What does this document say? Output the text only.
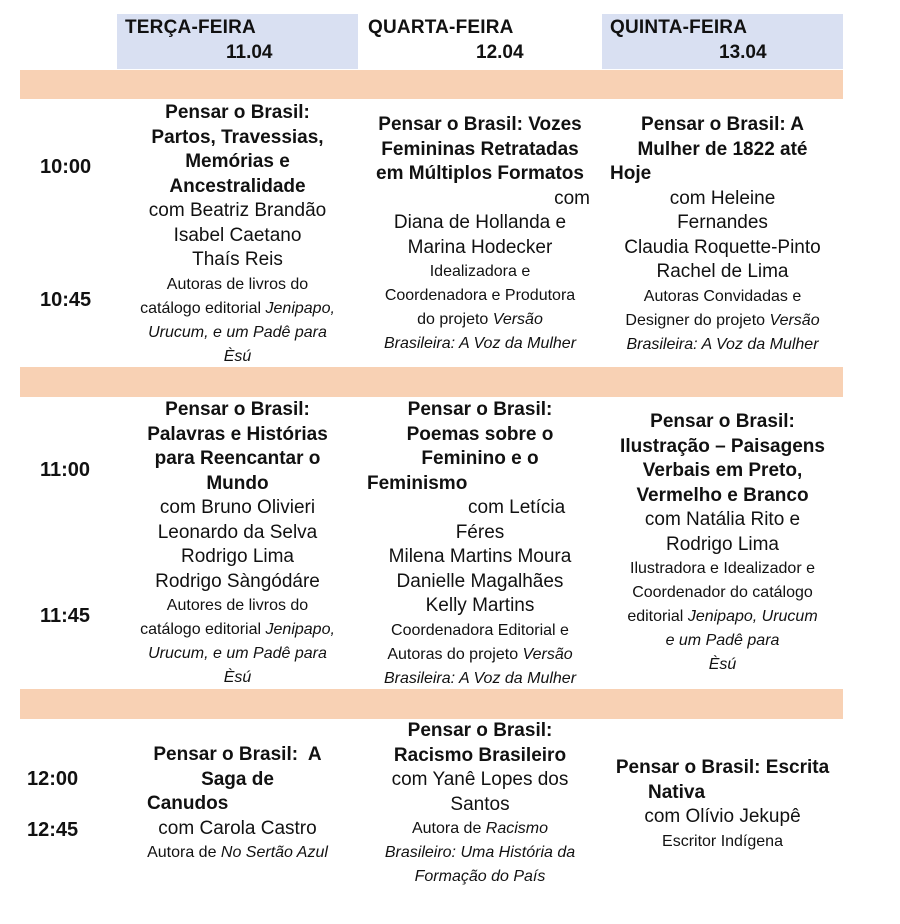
TERÇA-FEIRA
11.04
QUARTA-FEIRA
12.04
QUINTA-FEIRA
13.04
10:00
10:45
11:00
11:45
12:00
12:45
Pensar o Brasil:
Partos, Travessias,
Memórias e
Ancestralidade
com Beatriz Brandão
Isabel Caetano
Thaís Reis
Autoras de livros do
catálogo editorial Jenipapo,
Urucum, e um Padê para
Èsú
Pensar o Brasil: Vozes
Femininas Retratadas
em Múltiplos Formatos
com
Diana de Hollanda e
Marina Hodecker
Idealizadora e
Coordenadora e Produtora
do projeto Versão
Brasileira: A Voz da Mulher
Pensar o Brasil: A
Mulher de 1822 até
Hoje
com Heleine
Fernandes
Claudia Roquette-Pinto
Rachel de Lima
Autoras Convidadas e
Designer do projeto Versão
Brasileira: A Voz da Mulher
Pensar o Brasil:
Palavras e Histórias
para Reencantar o
Mundo
com Bruno Olivieri
Leonardo da Selva
Rodrigo Lima
Rodrigo Sàngódáre
Autores de livros do
catálogo editorial Jenipapo,
Urucum, e um Padê para
Èsú
Pensar o Brasil:
Poemas sobre o
Feminino e o
Feminismo
com Letícia
Féres
Milena Martins Moura
Danielle Magalhães
Kelly Martins
Coordenadora Editorial e
Autoras do projeto Versão
Brasileira: A Voz da Mulher
Pensar o Brasil:
Ilustração – Paisagens
Verbais em Preto,
Vermelho e Branco
com Natália Rito e
Rodrigo Lima
Ilustradora e Idealizador e
Coordenador do catálogo
editorial Jenipapo, Urucum
e um Padê para
Èsú
Pensar o Brasil:  A
Saga de
Canudos
com Carola Castro
Autora de No Sertão Azul
Pensar o Brasil:
Racismo Brasileiro
com Yanê Lopes dos
Santos
Autora de Racismo
Brasileiro: Uma História da
Formação do País
Pensar o Brasil: Escrita
Nativa
com Olívio Jekupê
Escritor Indígena
